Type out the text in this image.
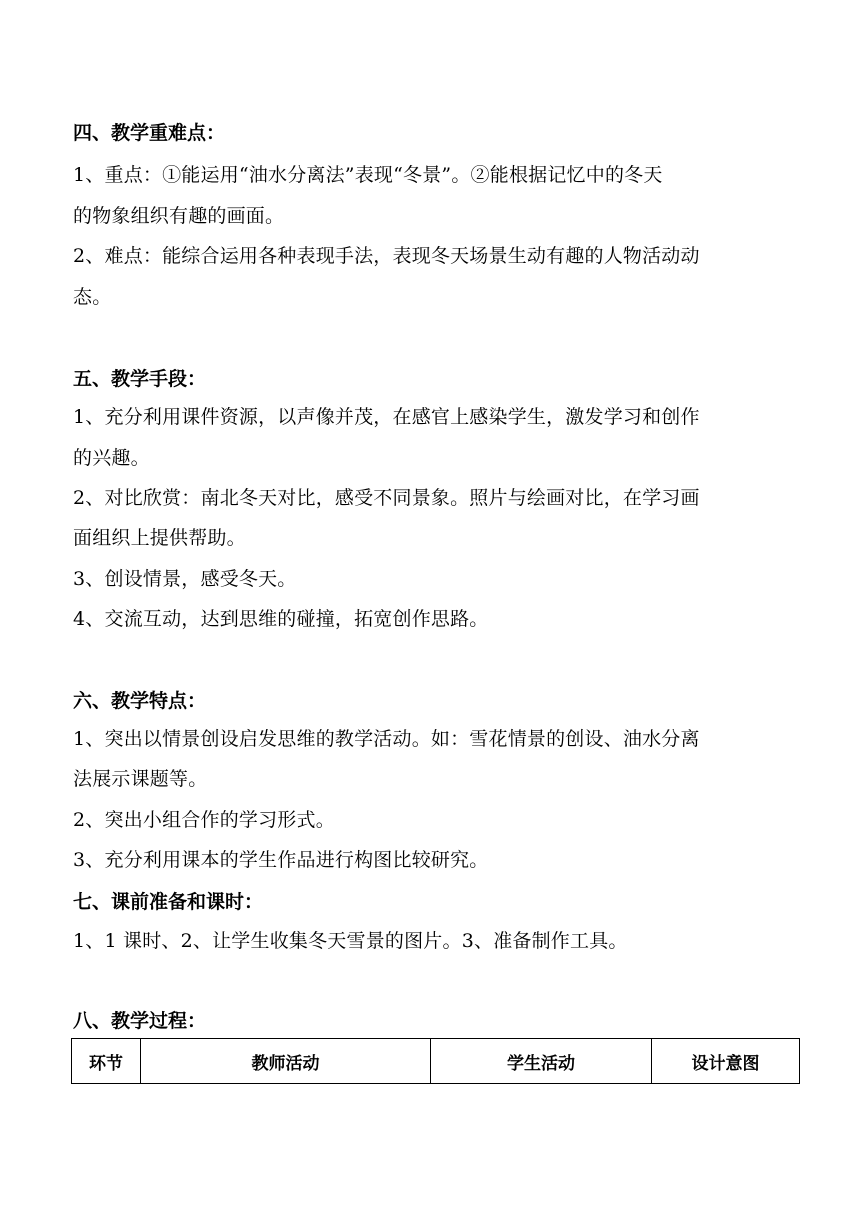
四、教学重难点：
1、重点：①能运用“油水分离法”表现“冬景”。②能根据记忆中的冬天
的物象组织有趣的画面。
2、难点：能综合运用各种表现手法，表现冬天场景生动有趣的人物活动动
态。
五、教学手段：
1、充分利用课件资源，以声像并茂，在感官上感染学生，激发学习和创作
的兴趣。
2、对比欣赏：南北冬天对比，感受不同景象。照片与绘画对比，在学习画
面组织上提供帮助。
3、创设情景，感受冬天。
4、交流互动，达到思维的碰撞，拓宽创作思路。
六、教学特点：
1、突出以情景创设启发思维的教学活动。如：雪花情景的创设、油水分离
法展示课题等。
2、突出小组合作的学习形式。
3、充分利用课本的学生作品进行构图比较研究。
七、课前准备和课时：
1、1 课时、2、让学生收集冬天雪景的图片。3、准备制作工具。
八、教学过程：
环节	教师活动	学生活动	设计意图
